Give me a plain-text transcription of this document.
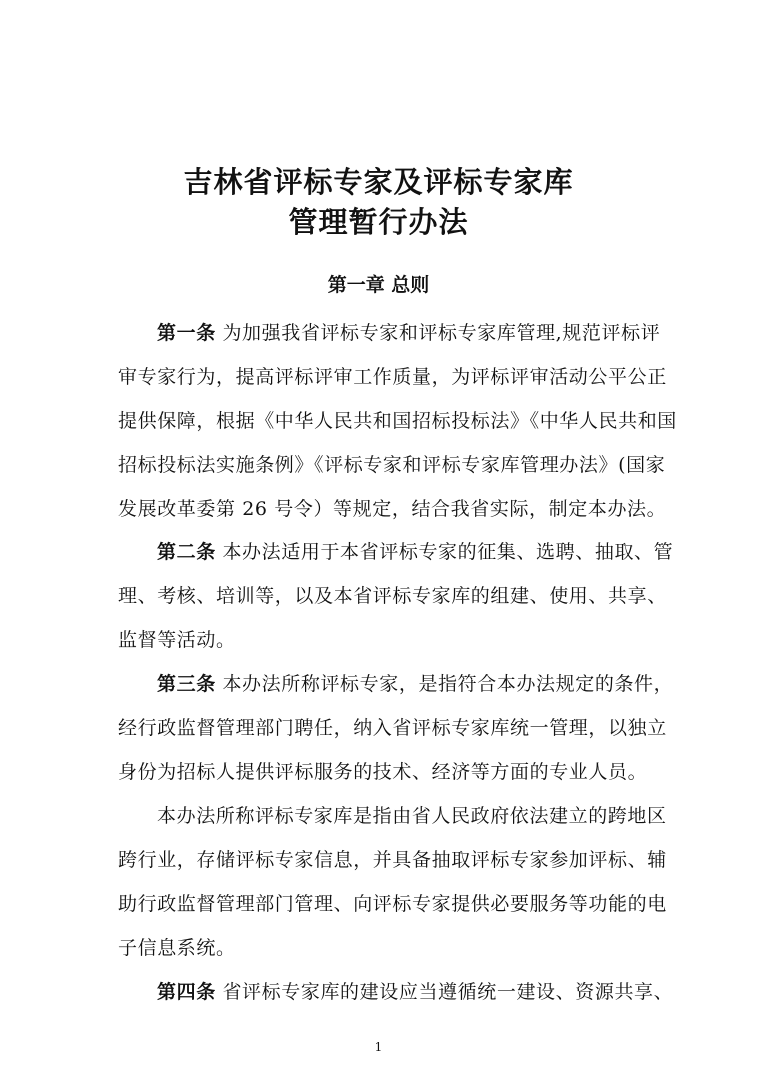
吉林省评标专家及评标专家库
管理暂行办法
第一章 总则

第一条 为加强我省评标专家和评标专家库管理,规范评标评

审专家行为，提高评标评审工作质量，为评标评审活动公平公正

提供保障，根据《中华人民共和国招标投标法》《中华人民共和国

招标投标法实施条例》《评标专家和评标专家库管理办法》(国家

发展改革委第 26 号令）等规定，结合我省实际，制定本办法。

第二条 本办法适用于本省评标专家的征集、选聘、抽取、管

理、考核、培训等，以及本省评标专家库的组建、使用、共享、

监督等活动。

第三条 本办法所称评标专家，是指符合本办法规定的条件，

经行政监督管理部门聘任，纳入省评标专家库统一管理，以独立

身份为招标人提供评标服务的技术、经济等方面的专业人员。

本办法所称评标专家库是指由省人民政府依法建立的跨地区

跨行业，存储评标专家信息，并具备抽取评标专家参加评标、辅

助行政监督管理部门管理、向评标专家提供必要服务等功能的电

子信息系统。

第四条 省评标专家库的建设应当遵循统一建设、资源共享、

1
